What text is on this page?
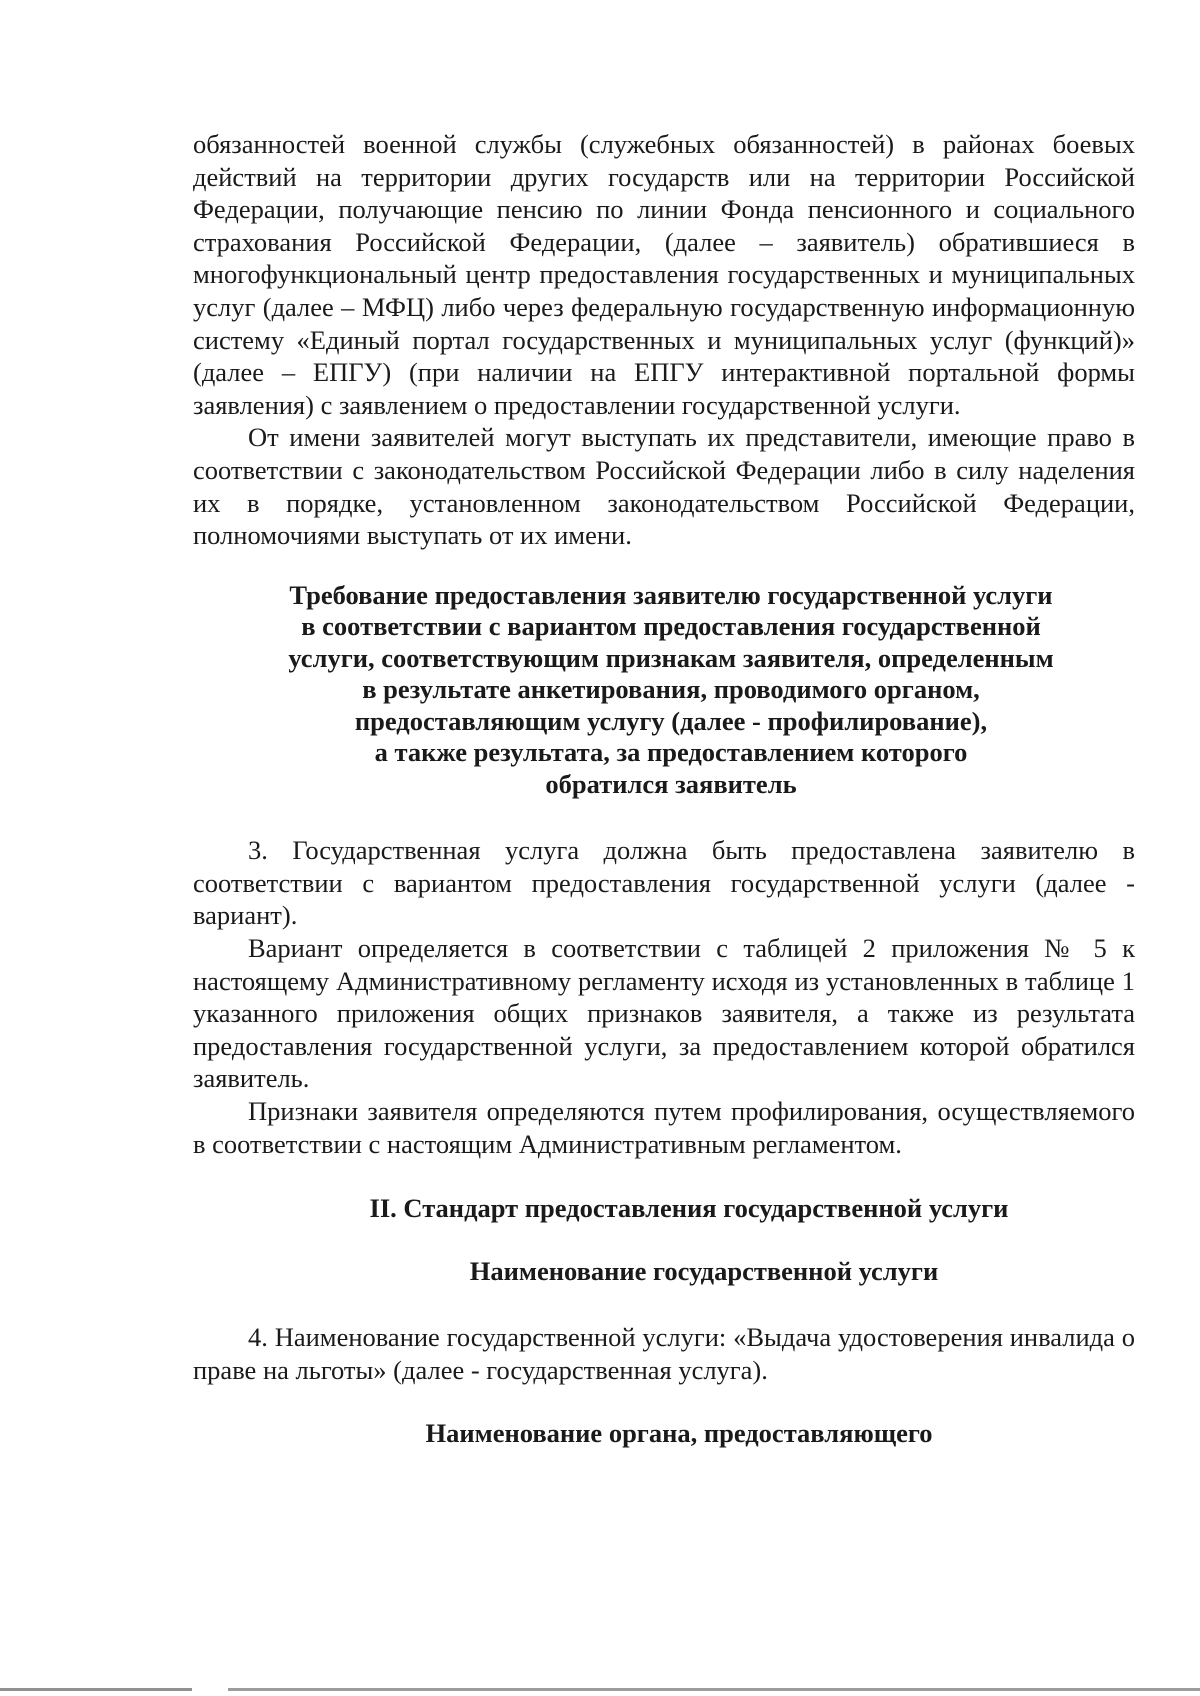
обязанностей военной службы (служебных обязанностей) в районах боевых действий на территории других государств или на территории Российской Федерации, получающие пенсию по линии Фонда пенсионного и социального страхования Российской Федерации, (далее – заявитель) обратившиеся в многофункциональный центр предоставления государственных и муниципальных услуг (далее – МФЦ) либо через федеральную государственную информационную систему «Единый портал государственных и муниципальных услуг (функций)» (далее – ЕПГУ) (при наличии на ЕПГУ интерактивной портальной формы заявления) с заявлением о предоставлении государственной услуги.

От имени заявителей могут выступать их представители, имеющие право в соответствии с законодательством Российской Федерации либо в силу наделения их в порядке, установленном законодательством Российской Федерации, полномочиями выступать от их имени.

Требование предоставления заявителю государственной услуги
в соответствии с вариантом предоставления государственной
услуги, соответствующим признакам заявителя, определенным
в результате анкетирования, проводимого органом,
предоставляющим услугу (далее - профилирование),
а также результата, за предоставлением которого
обратился заявитель

3. Государственная услуга должна быть предоставлена заявителю в соответствии с вариантом предоставления государственной услуги (далее - вариант).

Вариант определяется в соответствии с таблицей 2 приложения № 5 к настоящему Административному регламенту исходя из установленных в таблице 1 указанного приложения общих признаков заявителя, а также из результата предоставления государственной услуги, за предоставлением которой обратился заявитель.

Признаки заявителя определяются путем профилирования, осуществляемого в соответствии с настоящим Административным регламентом.

II. Стандарт предоставления государственной услуги
Наименование государственной услуги

4. Наименование государственной услуги: «Выдача удостоверения инвалида о праве на льготы» (далее - государственная услуга).

Наименование органа, предоставляющего
